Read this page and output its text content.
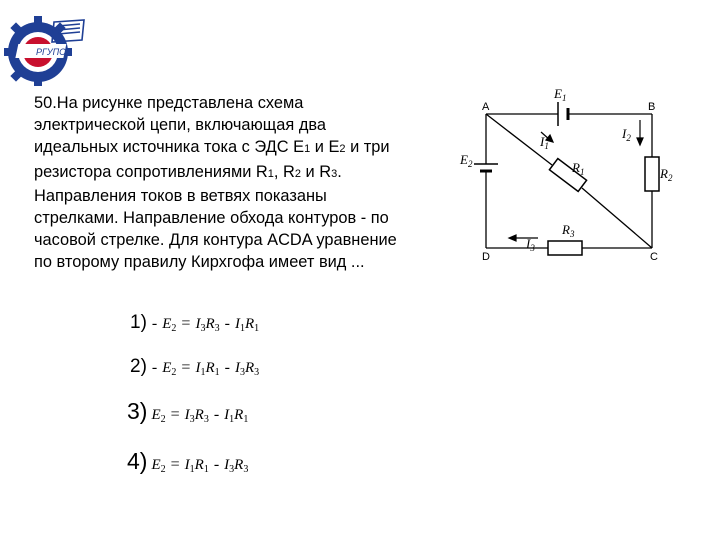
РГУПС
50.На рисунке представлена схема
электрической цепи, включающая два
идеальных источника тока с ЭДС Е1 и Е2 и три
резистора сопротивлениями R1, R2 и R3.
Направления токов в ветвях показаны
стрелками. Направление обхода контуров - по
часовой стрелке. Для контура ACDA уравнение
по второму правилу Кирхгофа имеет вид ...
A	B
C
D
$E_1$
$E_2$
$I_1$
$I_2$
$I_3$
$R_1$	$R_2$
$R_3$
$1) - E_2 = I_3R_3 - I_1R_1$
$2) - E_2 = I_1R_1 - I_3R_3$
3) $E_2 = I_3R_3 - I_1R_1$
4) $E_2 = I_1R_1 - I_3R_3$
